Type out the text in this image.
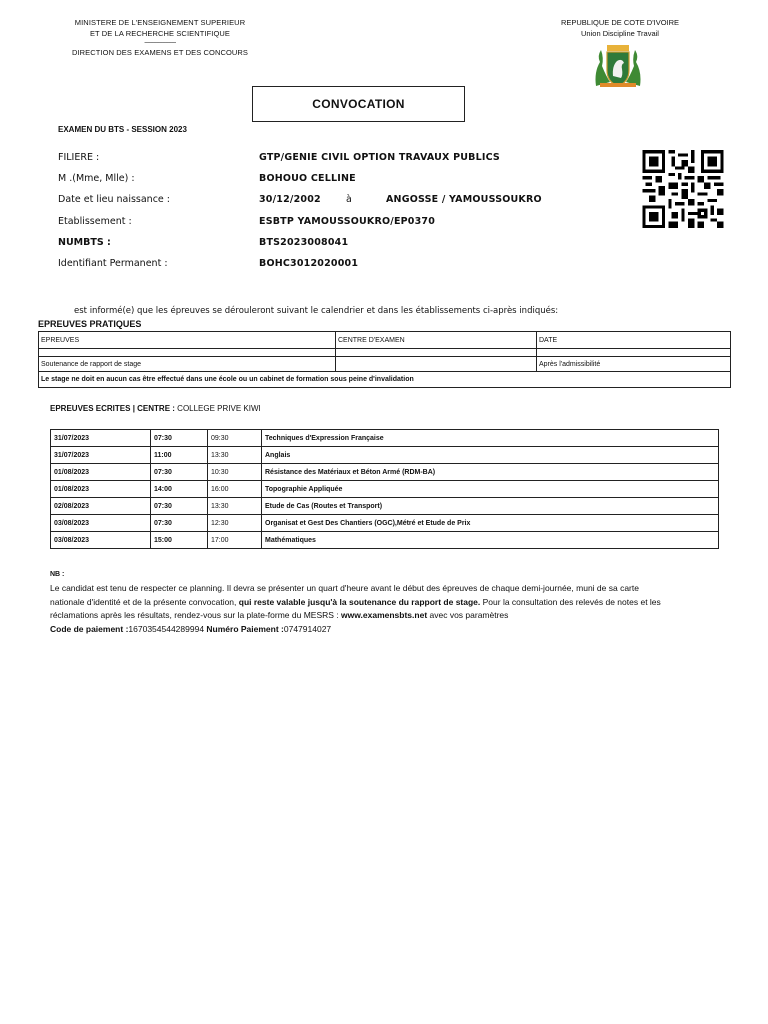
MINISTERE DE L'ENSEIGNEMENT SUPERIEUR
ET DE LA RECHERCHE SCIENTIFIQUE
---------------------
DIRECTION DES EXAMENS ET DES CONCOURS
REPUBLIQUE DE COTE D'IVOIRE
Union Discipline Travail
CONVOCATION
EXAMEN DU BTS - SESSION 2023
FILIERE :	GTP/GENIE CIVIL OPTION TRAVAUX PUBLICS
M .(Mme, Mlle) :	BOHOUO CELLINE
Date et lieu naissance :	30/12/2002	à	ANGOSSE / YAMOUSSOUKRO
Etablissement :	ESBTP YAMOUSSOUKRO/EP0370
NUMBTS :	BTS2023008041
Identifiant Permanent :	BOHC3012020001
est informé(e) que les épreuves se dérouleront suivant le calendrier et dans les établissements ci-après indiqués:
EPREUVES PRATIQUES
EPREUVES	CENTRE D'EXAMEN	DATE

Soutenance de rapport de stage		Après l'admissibilité
Le stage ne doit en aucun cas être effectué dans une école ou un cabinet de formation sous peine d'invalidation		
EPREUVES ECRITES | CENTRE : COLLEGE PRIVE KIWI
31/07/2023	07:30	09:30	Techniques d'Expression Française
31/07/2023	11:00	13:30	Anglais
01/08/2023	07:30	10:30	Résistance des Matériaux et Béton Armé (RDM-BA)
01/08/2023	14:00	16:00	Topographie Appliquée
02/08/2023	07:30	13:30	Etude de Cas (Routes et Transport)
03/08/2023	07:30	12:30	Organisat et Gest Des Chantiers (OGC),Métré et Etude de Prix
03/08/2023	15:00	17:00	Mathématiques
NB :
Le candidat est tenu de respecter ce planning. Il devra se présenter un quart d'heure avant le début des épreuves de chaque demi-journée, muni de sa carte nationale d'identité et de la présente convocation, qui reste valable jusqu'à la soutenance du rapport de stage. Pour la consultation des relevés de notes et les réclamations après les résultats, rendez-vous sur la plate-forme du MESRS : www.examensbts.net avec vos paramètres
Code de paiement :1670354544289994 Numéro Paiement :0747914027
